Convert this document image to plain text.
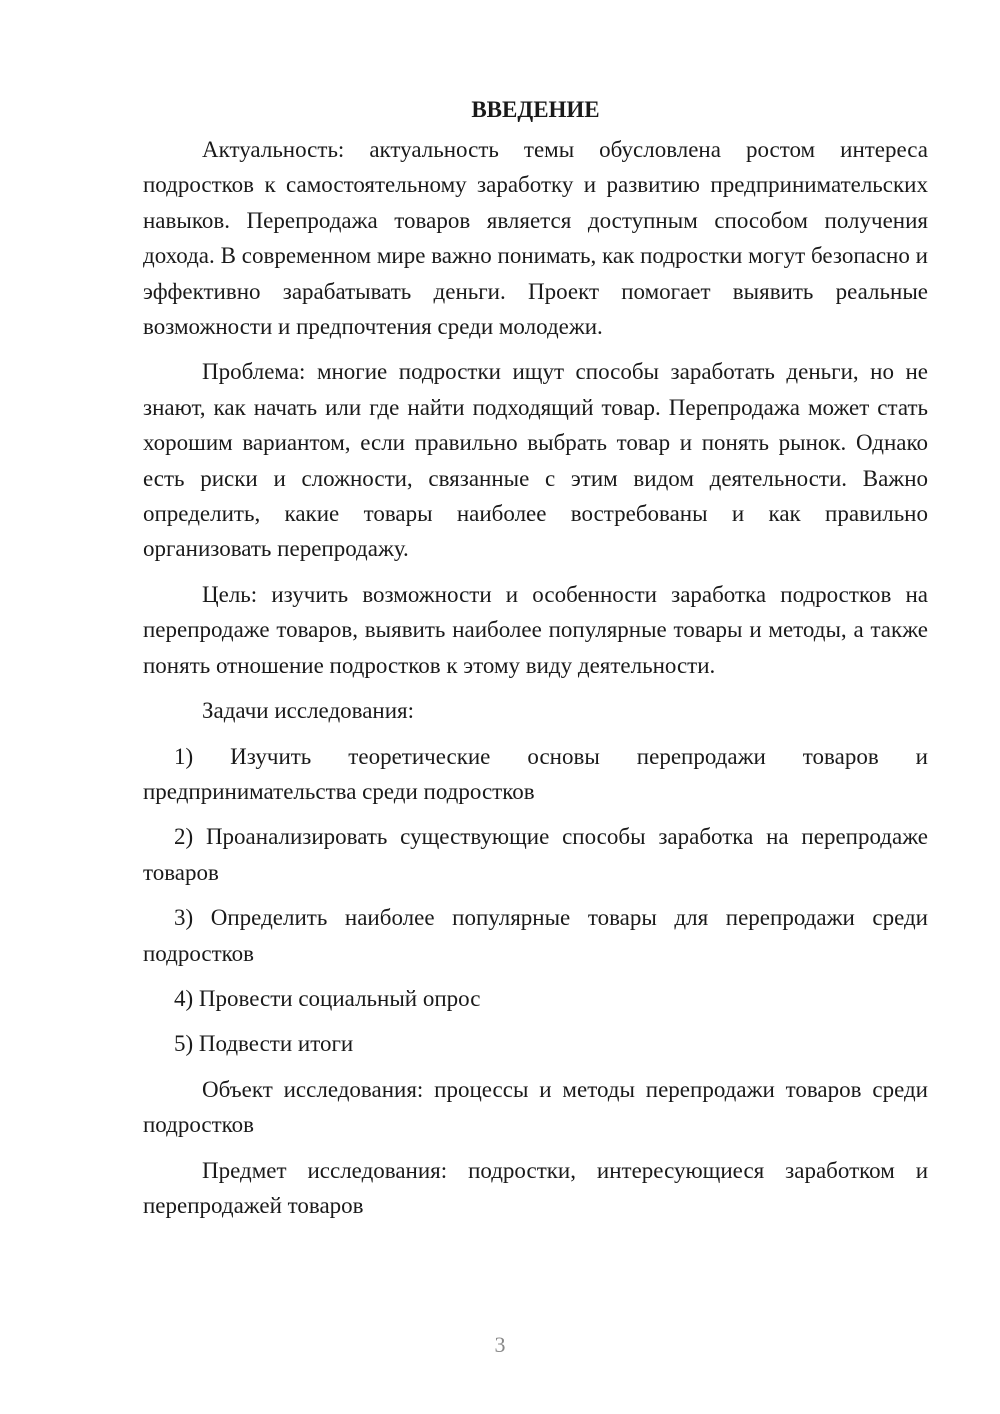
ВВЕДЕНИЕ

Актуальность: актуальность темы обусловлена ростом интереса подростков к самостоятельному заработку и развитию предпринимательских навыков. Перепродажа товаров является доступным способом получения дохода. В современном мире важно понимать, как подростки могут безопасно и эффективно зарабатывать деньги. Проект помогает выявить реальные возможности и предпочтения среди молодежи.

Проблема: многие подростки ищут способы заработать деньги, но не знают, как начать или где найти подходящий товар. Перепродажа может стать хорошим вариантом, если правильно выбрать товар и понять рынок. Однако есть риски и сложности, связанные с этим видом деятельности. Важно определить, какие товары наиболее востребованы и как правильно организовать перепродажу.

Цель: изучить возможности и особенности заработка подростков на перепродаже товаров, выявить наиболее популярные товары и методы, а также понять отношение подростков к этому виду деятельности.

Задачи исследования:

1) Изучить теоретические основы перепродажи товаров и предпринимательства среди подростков

2) Проанализировать существующие способы заработка на перепродаже товаров

3) Определить наиболее популярные товары для перепродажи среди подростков

4) Провести социальный опрос

5) Подвести итоги

Объект исследования: процессы и методы перепродажи товаров среди подростков

Предмет исследования: подростки, интересующиеся заработком и перепродажей товаров

3
